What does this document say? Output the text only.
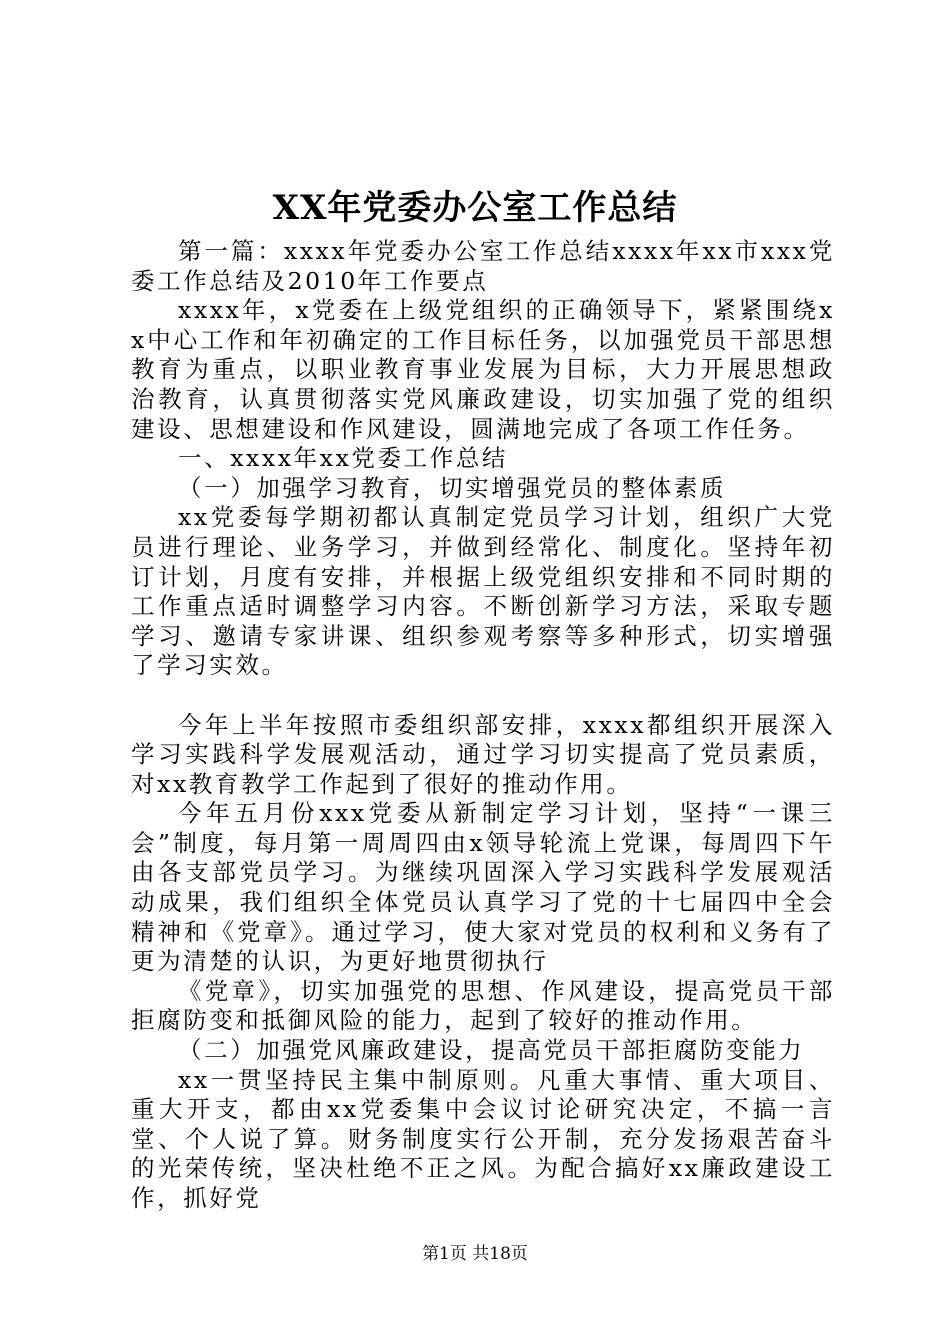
XX年党委办公室工作总结

第一篇：xxxx年党委办公室工作总结xxxx年xx市xxx党委工作总结及2010年工作要点

xxxx年，x党委在上级党组织的正确领导下，紧紧围绕xx中心工作和年初确定的工作目标任务，以加强党员干部思想教育为重点，以职业教育事业发展为目标，大力开展思想政治教育，认真贯彻落实党风廉政建设，切实加强了党的组织建设、思想建设和作风建设，圆满地完成了各项工作任务。

一、xxxx年xx党委工作总结

（一）加强学习教育，切实增强党员的整体素质

xx党委每学期初都认真制定党员学习计划，组织广大党员进行理论、业务学习，并做到经常化、制度化。坚持年初订计划，月度有安排，并根据上级党组织安排和不同时期的工作重点适时调整学习内容。不断创新学习方法，采取专题学习、邀请专家讲课、组织参观考察等多种形式，切实增强了学习实效。

今年上半年按照市委组织部安排，xxxx都组织开展深入学习实践科学发展观活动，通过学习切实提高了党员素质，对xx教育教学工作起到了很好的推动作用。

今年五月份xxx党委从新制定学习计划，坚持“一课三会”制度，每月第一周周四由x领导轮流上党课，每周四下午由各支部党员学习。为继续巩固深入学习实践科学发展观活动成果，我们组织全体党员认真学习了党的十七届四中全会精神和《党章》。通过学习，使大家对党员的权利和义务有了更为清楚的认识，为更好地贯彻执行

《党章》，切实加强党的思想、作风建设，提高党员干部拒腐防变和抵御风险的能力，起到了较好的推动作用。

（二）加强党风廉政建设，提高党员干部拒腐防变能力

xx一贯坚持民主集中制原则。凡重大事情、重大项目、重大开支，都由xx党委集中会议讨论研究决定，不搞一言堂、个人说了算。财务制度实行公开制，充分发扬艰苦奋斗的光荣传统，坚决杜绝不正之风。为配合搞好xx廉政建设工作，抓好党

第1页 共18页
